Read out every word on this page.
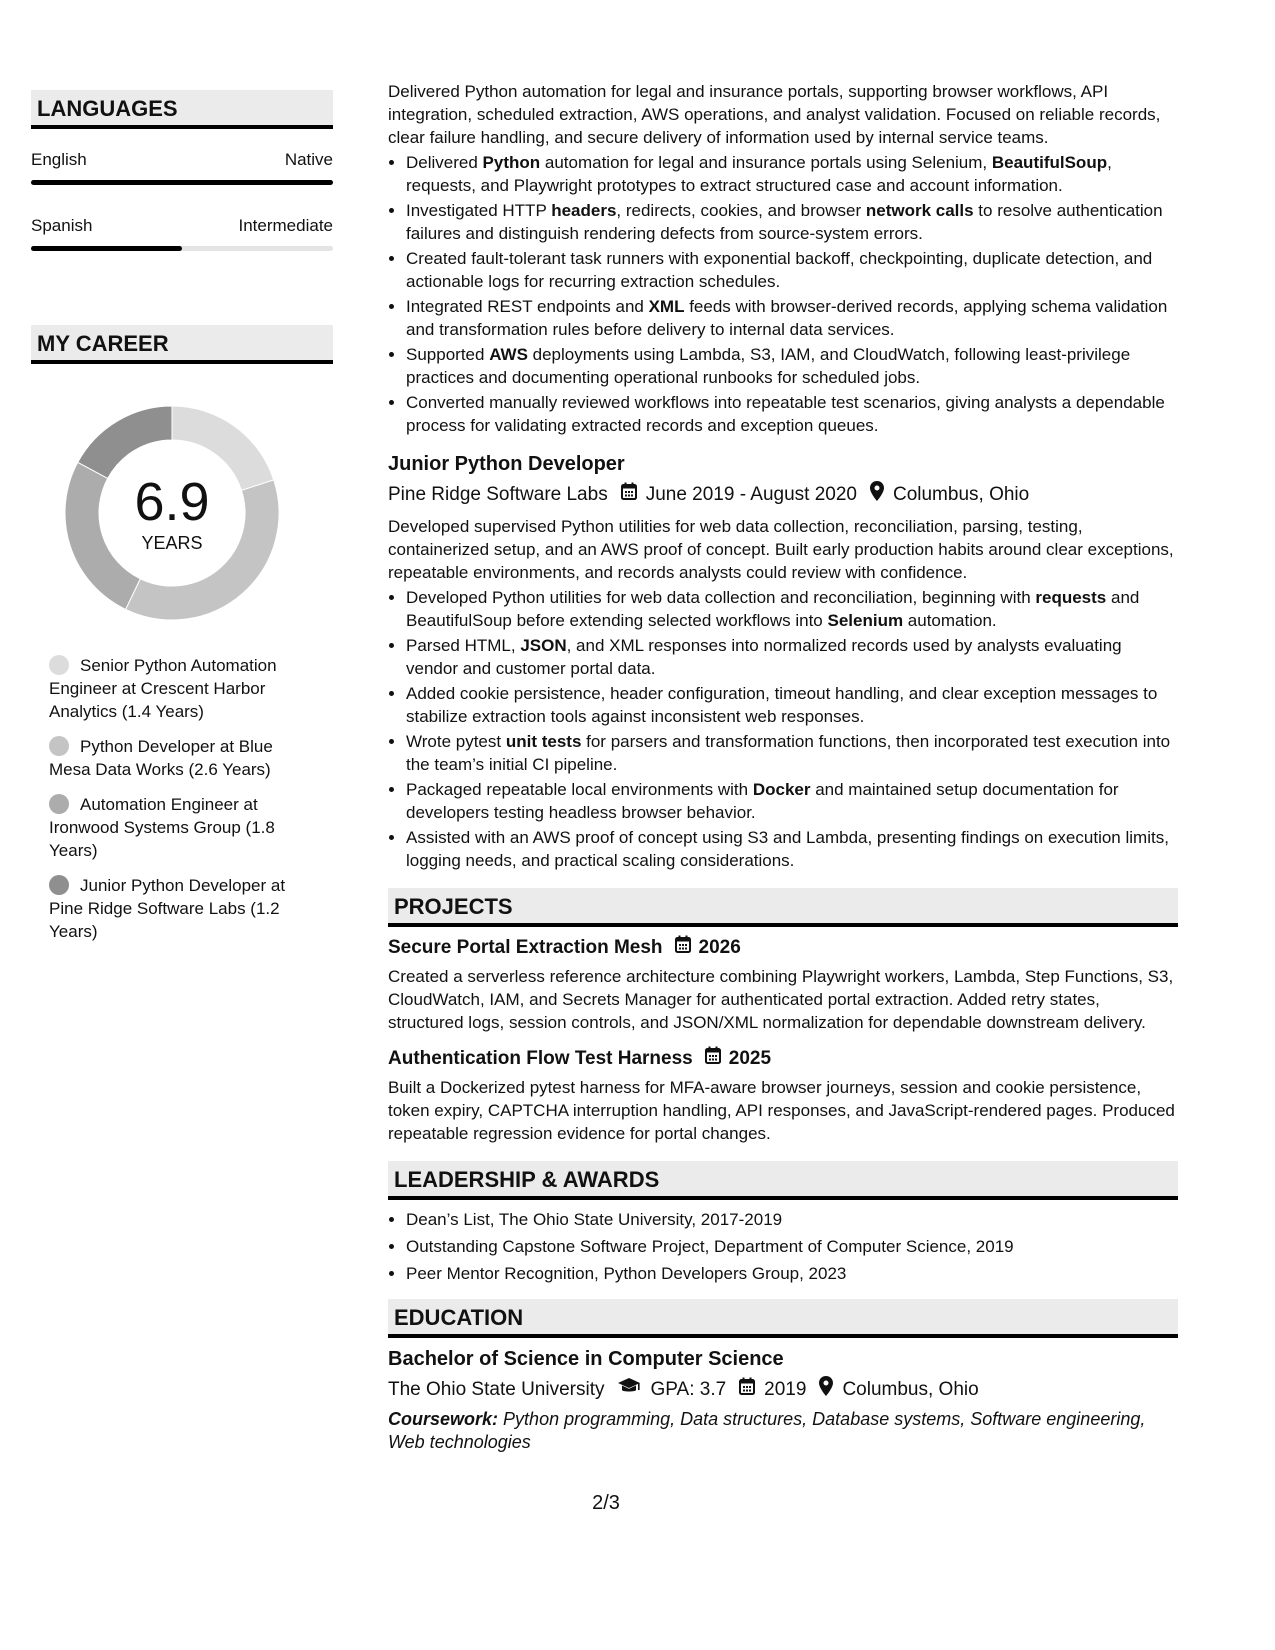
LANGUAGES
English	Native
Spanish	Intermediate
MY CAREER
6.9
YEARS
Senior Python Automation Engineer at Crescent Harbor Analytics (1.4 Years)
Python Developer at Blue Mesa Data Works (2.6 Years)
Automation Engineer at Ironwood Systems Group (1.8 Years)
Junior Python Developer at Pine Ridge Software Labs (1.2 Years)

Delivered Python automation for legal and insurance portals, supporting browser workflows, API integration, scheduled extraction, AWS operations, and analyst validation. Focused on reliable records, clear failure handling, and secure delivery of information used by internal service teams.

• Delivered Python automation for legal and insurance portals using Selenium, BeautifulSoup, requests, and Playwright prototypes to extract structured case and account information.
• Investigated HTTP headers, redirects, cookies, and browser network calls to resolve authentication failures and distinguish rendering defects from source-system errors.
• Created fault-tolerant task runners with exponential backoff, checkpointing, duplicate detection, and actionable logs for recurring extraction schedules.
• Integrated REST endpoints and XML feeds with browser-derived records, applying schema validation and transformation rules before delivery to internal data services.
• Supported AWS deployments using Lambda, S3, IAM, and CloudWatch, following least-privilege practices and documenting operational runbooks for scheduled jobs.
• Converted manually reviewed workflows into repeatable test scenarios, giving analysts a dependable process for validating extracted records and exception queues.
Junior Python Developer
Pine Ridge Software Labs June 2019 - August 2020 Columbus, Ohio

Developed supervised Python utilities for web data collection, reconciliation, parsing, testing, containerized setup, and an AWS proof of concept. Built early production habits around clear exceptions, repeatable environments, and records analysts could review with confidence.

• Developed Python utilities for web data collection and reconciliation, beginning with requests and BeautifulSoup before extending selected workflows into Selenium automation.
• Parsed HTML, JSON, and XML responses into normalized records used by analysts evaluating vendor and customer portal data.
• Added cookie persistence, header configuration, timeout handling, and clear exception messages to stabilize extraction tools against inconsistent web responses.
• Wrote pytest unit tests for parsers and transformation functions, then incorporated test execution into the team’s initial CI pipeline.
• Packaged repeatable local environments with Docker and maintained setup documentation for developers testing headless browser behavior.
• Assisted with an AWS proof of concept using S3 and Lambda, presenting findings on execution limits, logging needs, and practical scaling considerations.
PROJECTS
Secure Portal Extraction Mesh 2026

Created a serverless reference architecture combining Playwright workers, Lambda, Step Functions, S3, CloudWatch, IAM, and Secrets Manager for authenticated portal extraction. Added retry states, structured logs, session controls, and JSON/XML normalization for dependable downstream delivery.

Authentication Flow Test Harness 2025

Built a Dockerized pytest harness for MFA-aware browser journeys, session and cookie persistence, token expiry, CAPTCHA interruption handling, API responses, and JavaScript-rendered pages. Produced repeatable regression evidence for portal changes.

LEADERSHIP & AWARDS
• Dean’s List, The Ohio State University, 2017-2019
• Outstanding Capstone Software Project, Department of Computer Science, 2019
• Peer Mentor Recognition, Python Developers Group, 2023
EDUCATION
Bachelor of Science in Computer Science
The Ohio State University GPA: 3.7 2019 Columbus, Ohio
Coursework: Python programming, Data structures, Database systems, Software engineering, Web technologies
2/3
